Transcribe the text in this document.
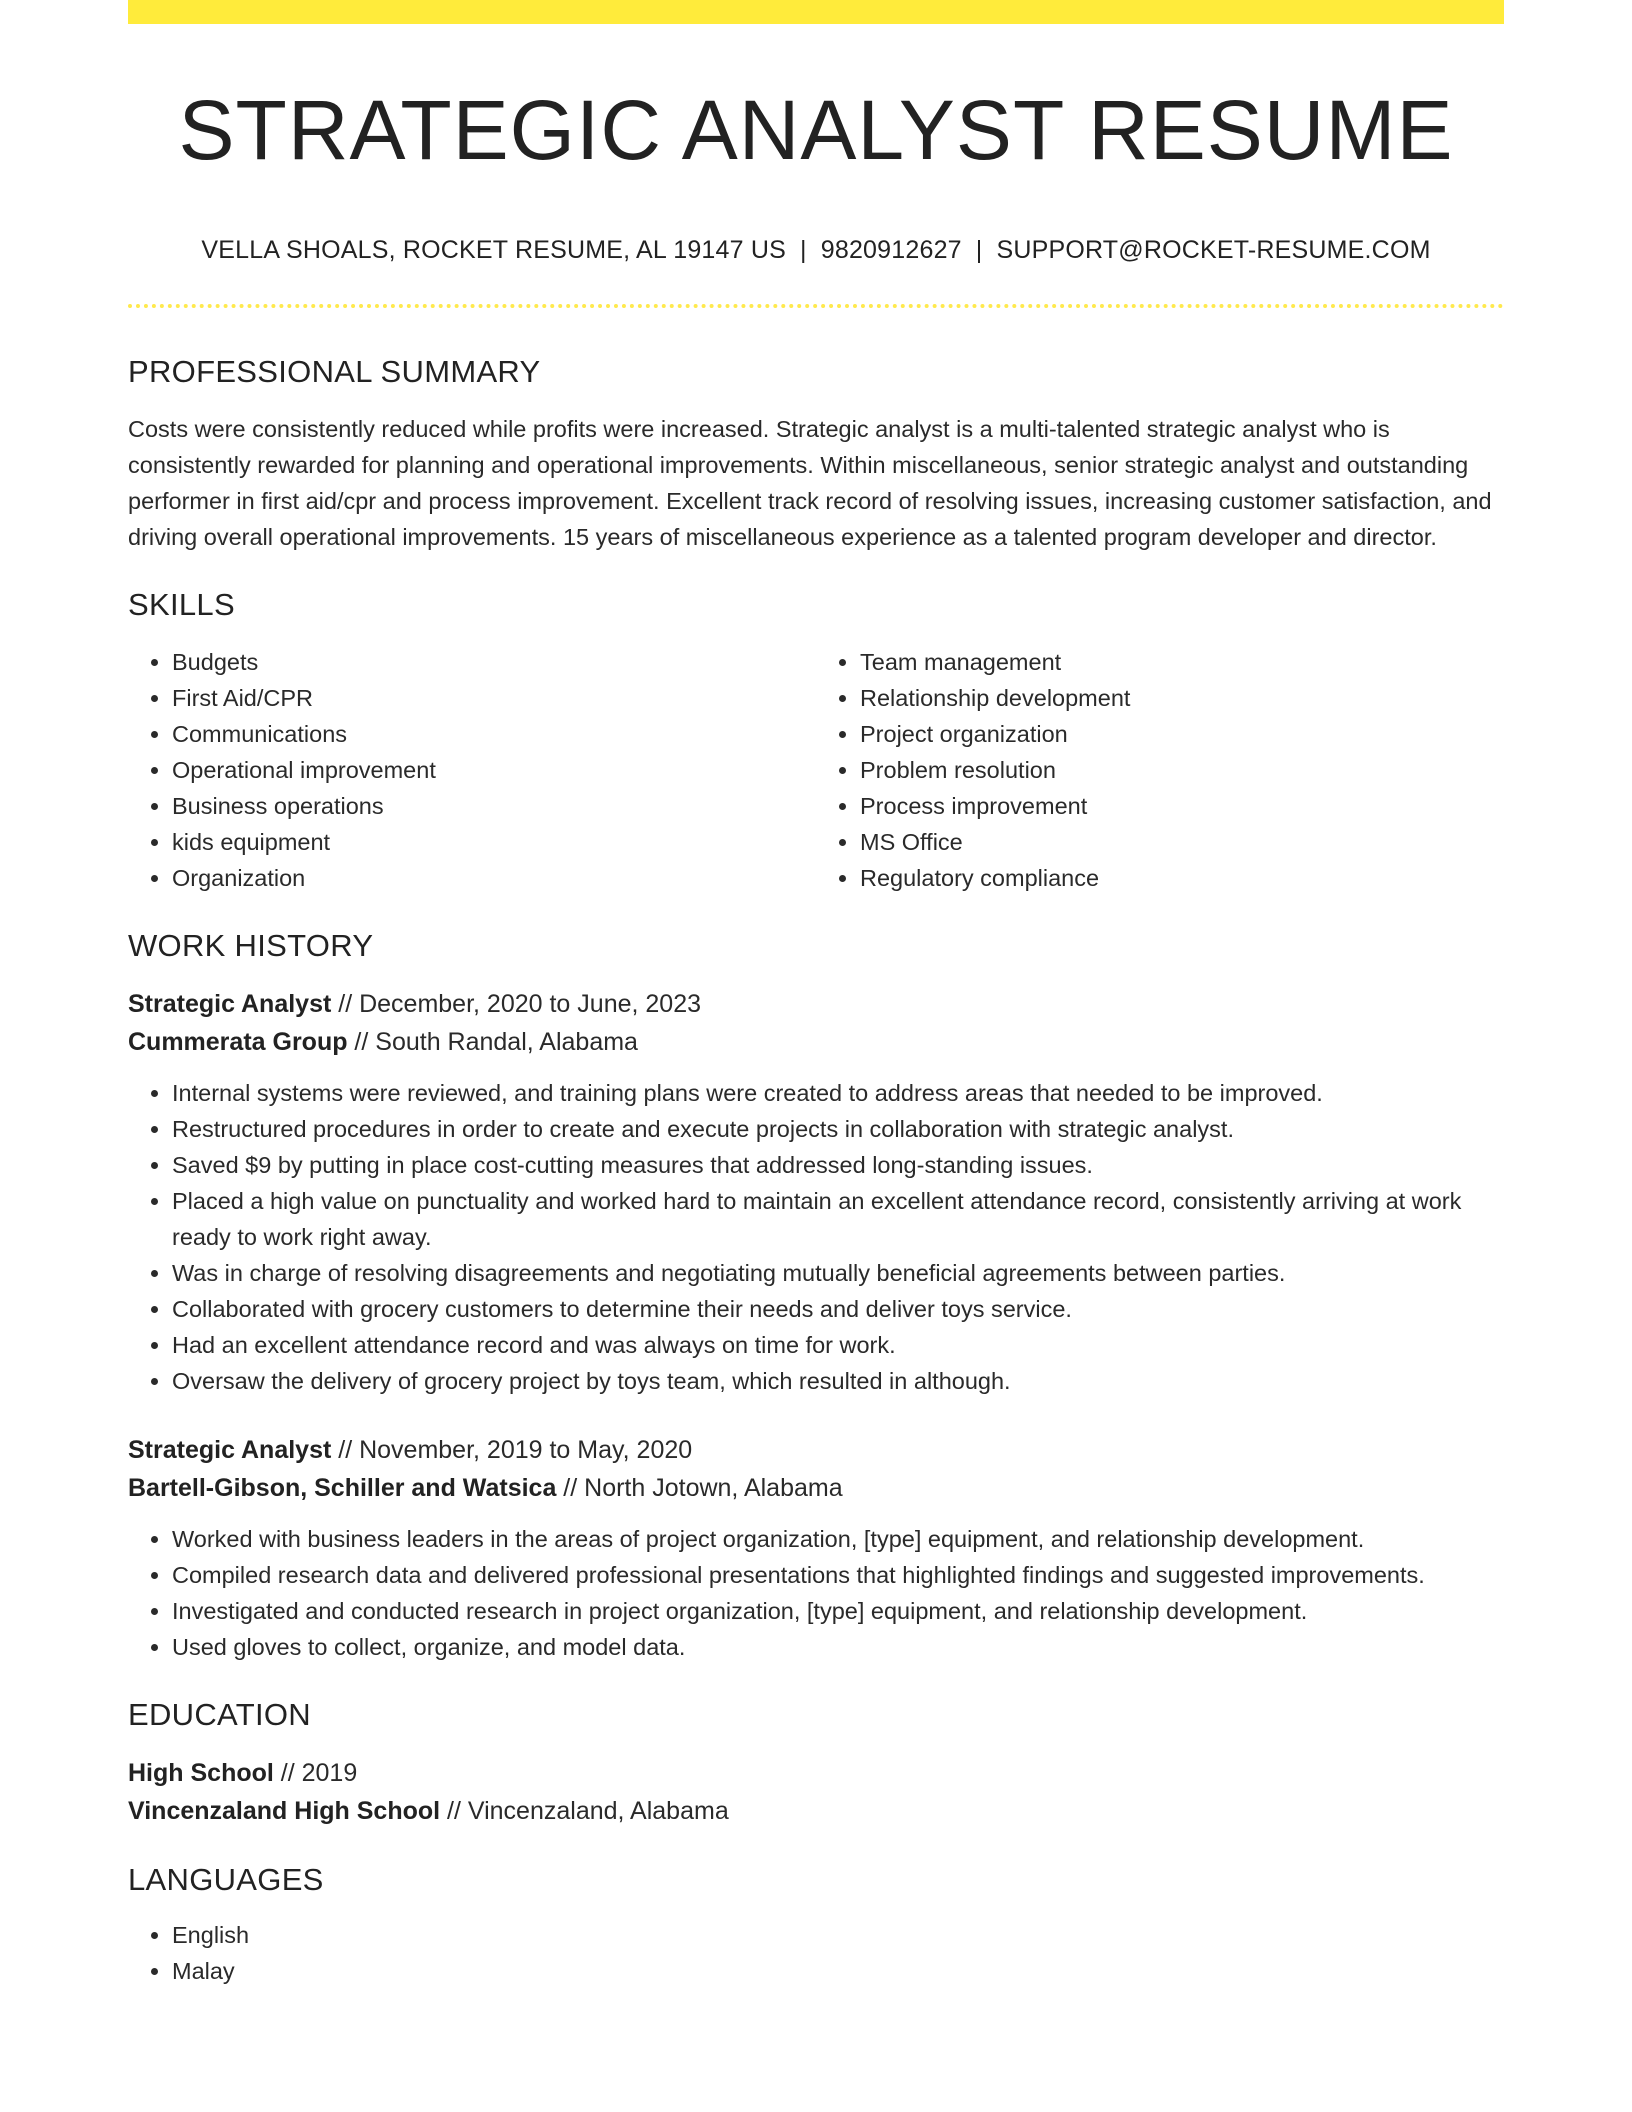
STRATEGIC ANALYST RESUME
VELLA SHOALS, ROCKET RESUME, AL 19147 US | 9820912627 | SUPPORT@ROCKET-RESUME.COM
PROFESSIONAL SUMMARY

Costs were consistently reduced while profits were increased. Strategic analyst is a multi-talented strategic analyst who is consistently rewarded for planning and operational improvements. Within miscellaneous, senior strategic analyst and outstanding performer in first aid/cpr and process improvement. Excellent track record of resolving issues, increasing customer satisfaction, and driving overall operational improvements. 15 years of miscellaneous experience as a talented program developer and director.

SKILLS
• Budgets
• First Aid/CPR
• Communications
• Operational improvement
• Business operations
• kids equipment
• Organization
• Team management
• Relationship development
• Project organization
• Problem resolution
• Process improvement
• MS Office
• Regulatory compliance
WORK HISTORY

Strategic Analyst // December, 2020 to June, 2023

Cummerata Group // South Randal, Alabama

• Internal systems were reviewed, and training plans were created to address areas that needed to be improved.
• Restructured procedures in order to create and execute projects in collaboration with strategic analyst.
• Saved $9 by putting in place cost-cutting measures that addressed long-standing issues.
• Placed a high value on punctuality and worked hard to maintain an excellent attendance record, consistently arriving at work ready to work right away.
• Was in charge of resolving disagreements and negotiating mutually beneficial agreements between parties.
• Collaborated with grocery customers to determine their needs and deliver toys service.
• Had an excellent attendance record and was always on time for work.
• Oversaw the delivery of grocery project by toys team, which resulted in although.

Strategic Analyst // November, 2019 to May, 2020

Bartell-Gibson, Schiller and Watsica // North Jotown, Alabama

• Worked with business leaders in the areas of project organization, [type] equipment, and relationship development.
• Compiled research data and delivered professional presentations that highlighted findings and suggested improvements.
• Investigated and conducted research in project organization, [type] equipment, and relationship development.
• Used gloves to collect, organize, and model data.
EDUCATION

High School // 2019

Vincenzaland High School // Vincenzaland, Alabama

LANGUAGES
• English
• Malay
